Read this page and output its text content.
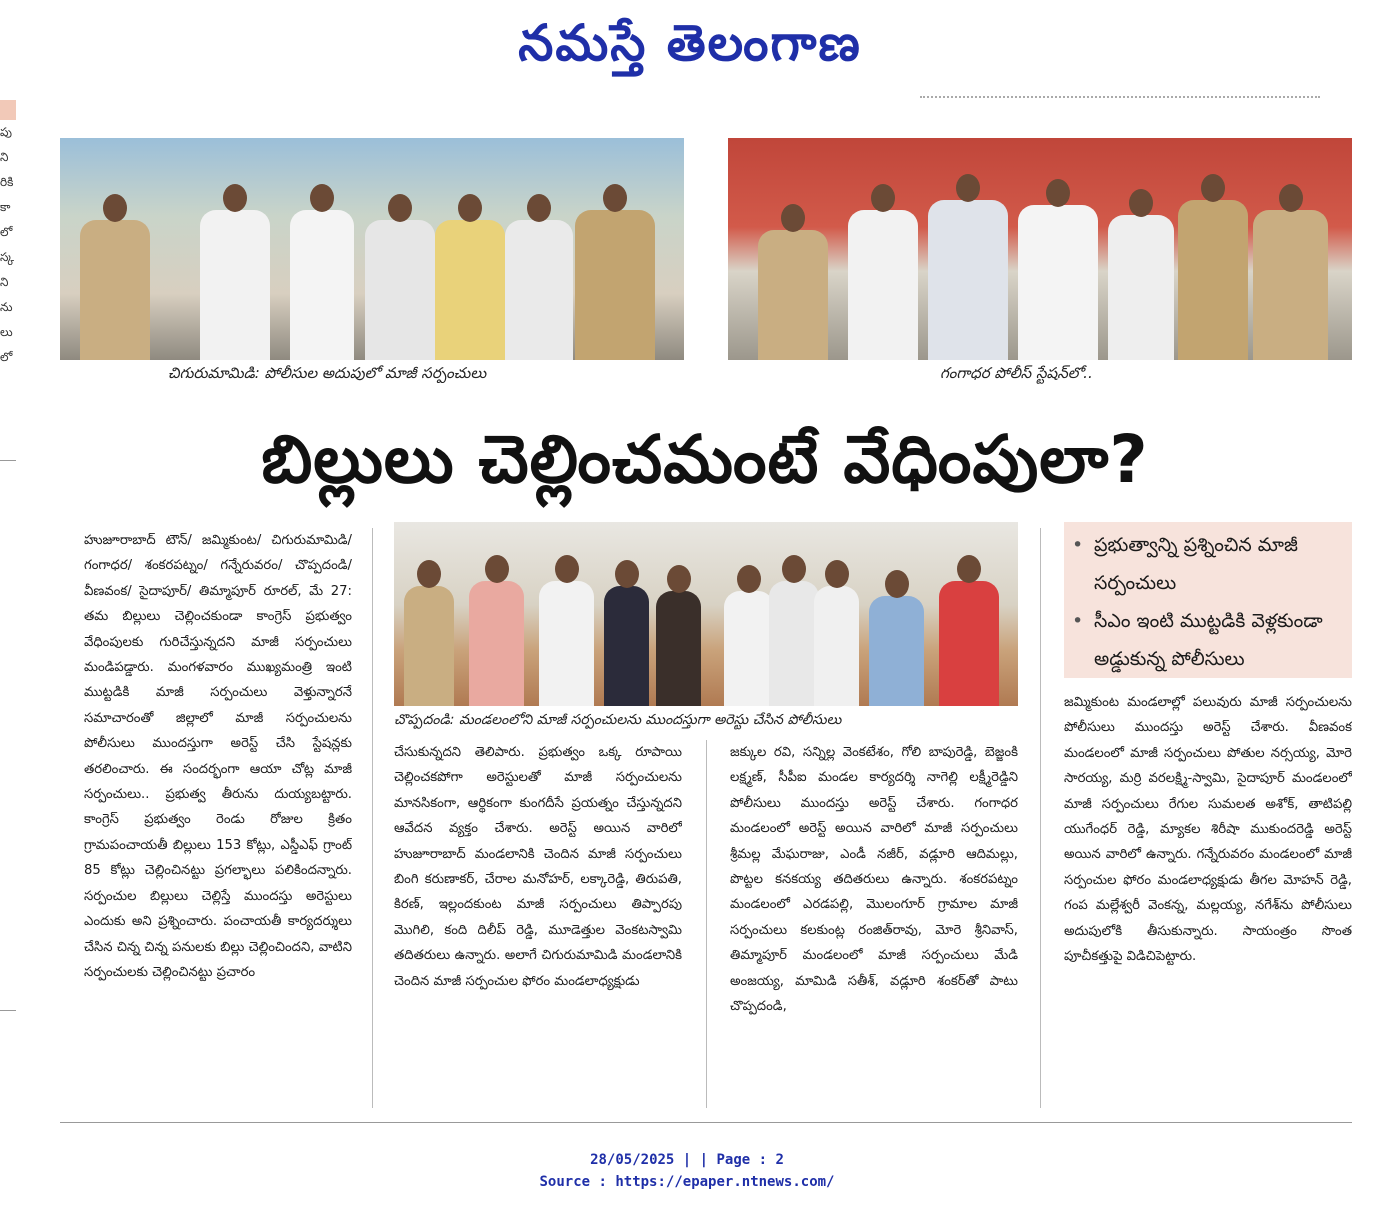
నమస్తే తెలంగాణ
పు
ని
రికి
కా
లో
స్క
ని
ను
లు
లో
చిగురుమామిడి: పోలీసుల అదుపులో మాజీ సర్పంచులు	గంగాధర పోలీస్ స్టేషన్‌లో..
బిల్లులు చెల్లించమంటే వేధింపులా?
చొప్పదండి: మండలంలోని మాజీ సర్పంచులను ముందస్తుగా అరెస్టు చేసిన పోలీసులు
• ప్రభుత్వాన్ని ప్రశ్నించిన మాజీ సర్పంచులు
• సీఎం ఇంటి ముట్టడికి వెళ్లకుండా అడ్డుకున్న పోలీసులు
హుజూరాబాద్ టౌన్/ జమ్మికుంట/ చిగురుమామిడి/ గంగాధర/ శంకరపట్నం/ గన్నేరువరం/ చొప్పదండి/వీణవంక/ సైదాపూర్/ తిమ్మాపూర్ రూరల్, మే 27: తమ బిల్లులు చెల్లించకుండా కాంగ్రెస్ ప్రభుత్వం వేధింపులకు గురిచేస్తున్నదని మాజీ సర్పంచులు మండిపడ్డారు. మంగళవారం ముఖ్యమంత్రి ఇంటి ముట్టడికి మాజీ సర్పంచులు వెళ్తున్నారనే సమాచారంతో జిల్లాలో మాజీ సర్పంచులను పోలీసులు ముందస్తుగా అరెస్ట్ చేసి స్టేషన్లకు తరలించారు. ఈ సందర్భంగా ఆయా చోట్ల మాజీ సర్పంచులు.. ప్రభుత్వ తీరును దుయ్యబట్టారు. కాంగ్రెస్ ప్రభుత్వం రెండు రోజుల క్రితం గ్రామపంచాయతీ బిల్లులు 153 కోట్లు, ఎస్డీఎఫ్ గ్రాంట్ 85 కోట్లు చెల్లించినట్టు ప్రగల్భాలు పలికిందన్నారు. సర్పంచుల బిల్లులు చెల్లిస్తే ముందస్తు అరెస్టులు ఎందుకు అని ప్రశ్నించారు. పంచాయతీ కార్యదర్శులు చేసిన చిన్న చిన్న పనులకు బిల్లు చెల్లించిందని, వాటిని సర్పంచులకు చెల్లించినట్టు ప్రచారం
చేసుకున్నదని తెలిపారు. ప్రభుత్వం ఒక్క రూపాయి చెల్లించకపోగా అరెస్టులతో మాజీ సర్పంచులను మానసికంగా, ఆర్థికంగా కుంగదీసే ప్రయత్నం చేస్తున్నదని ఆవేదన వ్యక్తం చేశారు. అరెస్ట్ అయిన వారిలో హుజూరాబాద్ మండలానికి చెందిన మాజీ సర్పంచులు బింగి కరుణాకర్, చేరాల మనోహర్, లక్కారెడ్డి, తిరుపతి, కిరణ్, ఇల్లందకుంట మాజీ సర్పంచులు తిప్పారపు మొగిలి, కంది దిలీప్ రెడ్డి, మూడెత్తుల వెంకటస్వామి తదితరులు ఉన్నారు. అలాగే చిగురుమామిడి మండలానికి చెందిన మాజీ సర్పంచుల ఫోరం మండలాధ్యక్షుడు
జక్కుల రవి, సన్నిల్ల వెంకటేశం, గోలి బాపురెడ్డి, బెజ్జంకి లక్ష్మణ్, సీపీఐ మండల కార్యదర్శి నాగెల్లి లక్ష్మీరెడ్డిని పోలీసులు ముందస్తు అరెస్ట్ చేశారు. గంగాధర మండలంలో అరెస్ట్ అయిన వారిలో మాజీ సర్పంచులు శ్రీమల్ల మేఘరాజు, ఎండీ నజీర్, వడ్లూరి ఆదిమల్లు, పొట్టల కనకయ్య తదితరులు ఉన్నారు. శంకరపట్నం మండలంలో ఎరడపల్లి, మొలంగూర్ గ్రామాల మాజీ సర్పంచులు కలకుంట్ల రంజిత్‌రావు, మోరె శ్రీనివాస్, తిమ్మాపూర్ మండలంలో మాజీ సర్పంచులు మేడి అంజయ్య, మామిడి సతీశ్, వడ్లూరి శంకర్‌తో పాటు చొప్పదండి,
జమ్మికుంట మండలాల్లో పలువురు మాజీ సర్పంచులను పోలీసులు ముందస్తు అరెస్ట్ చేశారు. వీణవంక మండలంలో మాజీ సర్పంచులు పోతుల నర్సయ్య, మోరె సారయ్య, మర్రి వరలక్ష్మి-స్వామి, సైదాపూర్ మండలంలో మాజీ సర్పంచులు రేగుల సుమలత అశోక్, తాటిపల్లి యుగేంధర్ రెడ్డి, మ్యాకల శిరీషా ముకుందరెడ్డి అరెస్ట్ అయిన వారిలో ఉన్నారు. గన్నేరువరం మండలంలో మాజీ సర్పంచుల ఫోరం మండలాధ్యక్షుడు తీగల మోహన్ రెడ్డి, గంప మల్లేశ్వరీ వెంకన్న, మల్లయ్య, నగేశ్‌ను పోలీసులు అదుపులోకి తీసుకున్నారు. సాయంత్రం సొంత పూచీకత్తుపై విడిచిపెట్టారు.
28/05/2025 | | Page : 2
Source : https://epaper.ntnews.com/
